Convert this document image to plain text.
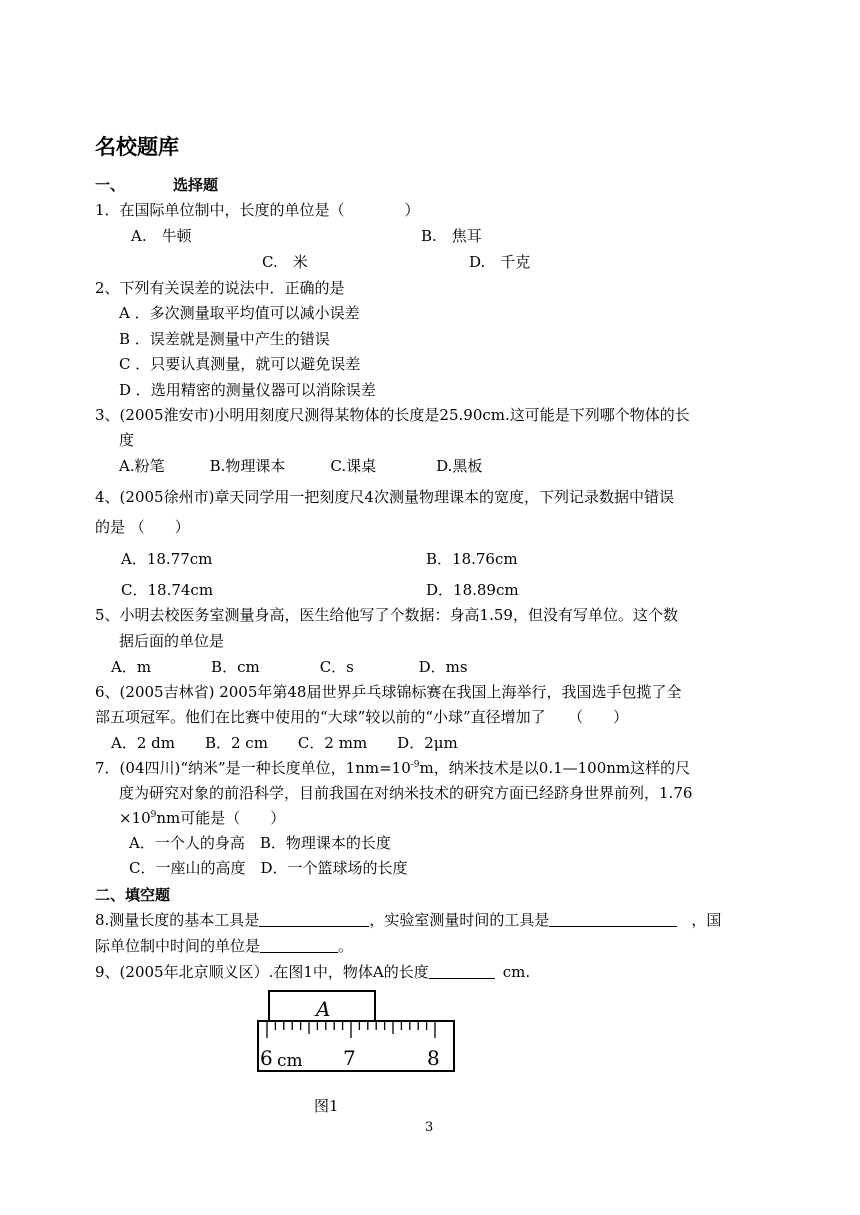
名校题库
一、	选择题
1．在国际单位制中，长度的单位是（　　　　）
A.　牛顿	B.　焦耳
C.　米	D.　千克
2、下列有关误差的说法中．正确的是
A ．多次测量取平均值可以减小误差
B ．误差就是测量中产生的错误
C ．只要认真测量，就可以避免误差
D ．选用精密的测量仪器可以消除误差
3、(2005淮安市)小明用刻度尺测得某物体的长度是25.90cm.这可能是下列哪个物体的长
度
A.粉笔　　　B.物理课本　　　C.课桌　　　　D.黑板
4、(2005徐州市)章天同学用一把刻度尺4次测量物理课本的宽度，下列记录数据中错误
的是 （　　）
A．18.77cm	B．18.76cm
C．18.74cm	D．18.89cm
5、小明去校医务室测量身高，医生给他写了个数据：身高1.59，但没有写单位。这个数
据后面的单位是
A．m　　　　B．cm　　　　C．s　　　　 D．ms
6、(2005吉林省) 2005年第48届世界乒乓球锦标赛在我国上海举行，我国选手包揽了全
部五项冠军。他们在比赛中使用的“大球”较以前的“小球”直径增加了　　（　　）
A．2 dm　　B．2 cm　　C．2 mm　　D．2μm
7．(04四川)“纳米”是一种长度单位，$1nm=10^{-9}m$，纳米技术是以0.1—100nm这样的尺
度为研究对象的前沿科学，目前我国在对纳米技术的研究方面已经跻身世界前列，1.76
$\times 10^9nm$可能是（　　）
A．一个人的身高　B．物理课本的长度
C．一座山的高度　D．一个篮球场的长度
二、填空题
8.测量长度的基本工具是	，实验室测量时间的工具是	，国
际单位制中时间的单位是	。
9、(2005年北京顺义区）.在图1中，物体A的长度	cm.
A
6 cm 7	8
图1
3
